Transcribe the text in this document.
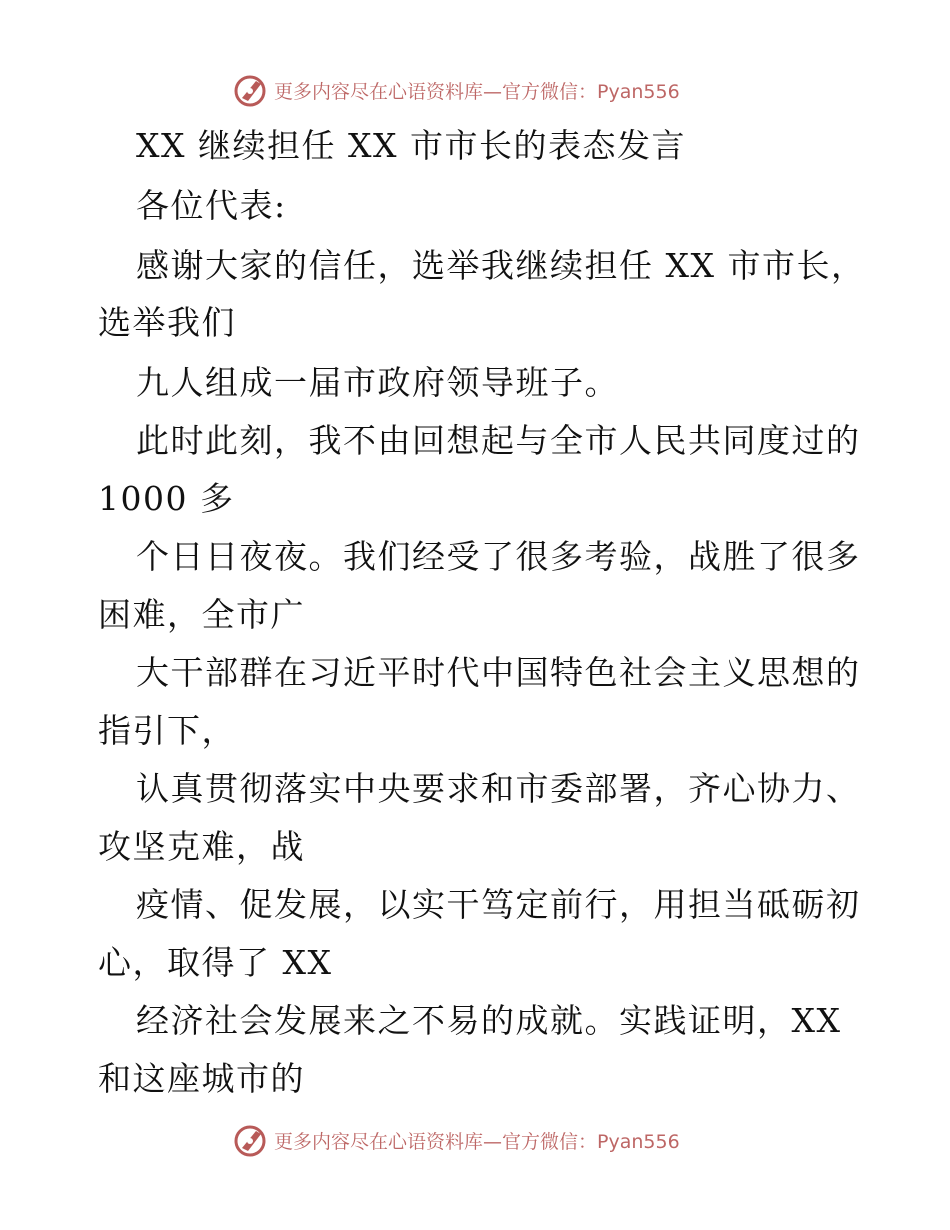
更多内容尽在心语资料库—官方微信：Pyan556
XX 继续担任 XX 市市长的表态发言
各位代表:
感谢大家的信任，选举我继续担任 XX 市市长，
选举我们
九人组成一届市政府领导班子。
此时此刻，我不由回想起与全市人民共同度过的
1000 多
个日日夜夜。我们经受了很多考验，战胜了很多
困难，全市广
大干部群在习近平时代中国特色社会主义思想的
指引下，
认真贯彻落实中央要求和市委部署，齐心协力、
攻坚克难，战
疫情、促发展，以实干笃定前行，用担当砥砺初
心，取得了 XX
经济社会发展来之不易的成就。实践证明，XX
和这座城市的
更多内容尽在心语资料库—官方微信：Pyan556
